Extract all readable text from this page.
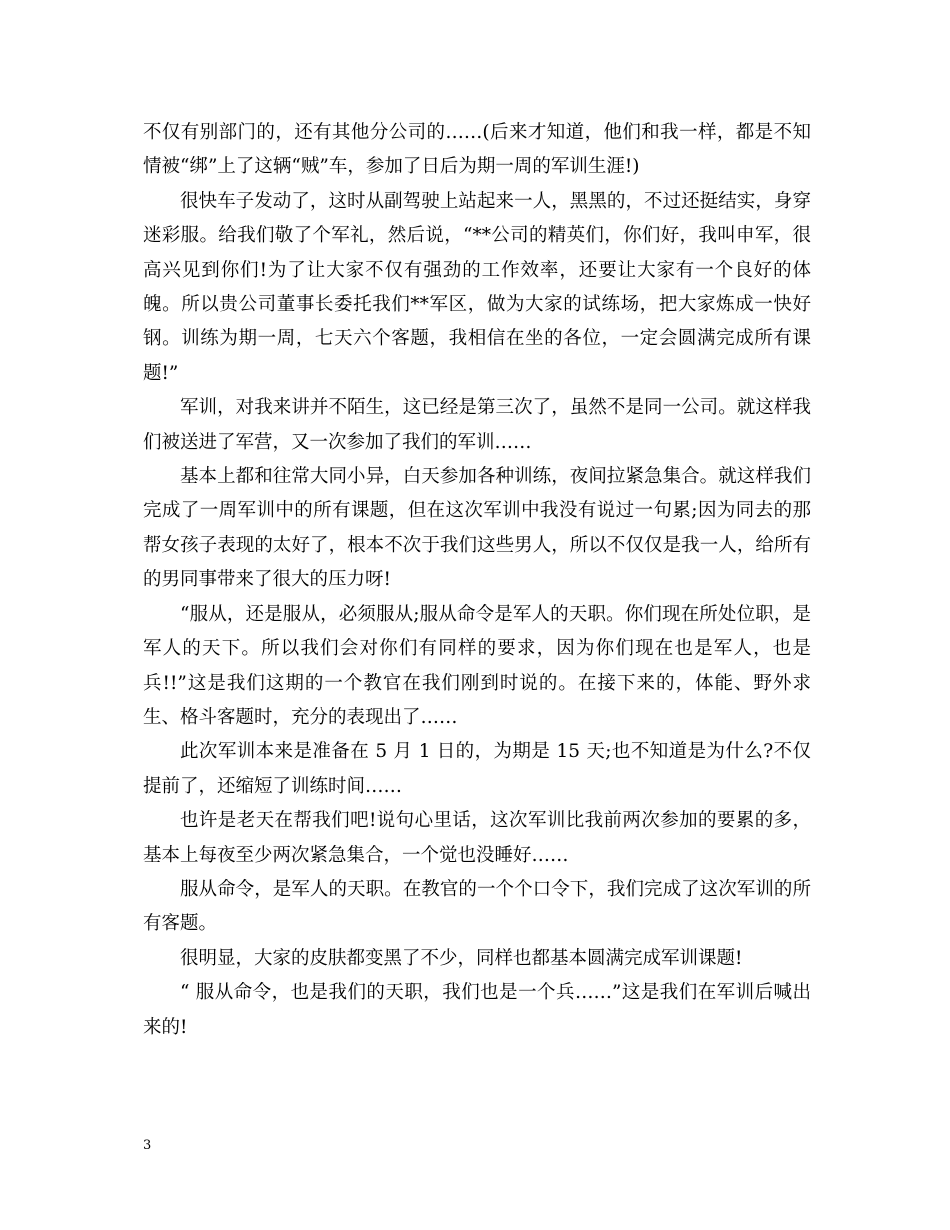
不仅有别部门的，还有其他分公司的……(后来才知道，他们和我一样，都是不知情被“绑”上了这辆“贼”车，参加了日后为期一周的军训生涯!)

很快车子发动了，这时从副驾驶上站起来一人，黑黑的，不过还挺结实，身穿迷彩服。给我们敬了个军礼，然后说，“**公司的精英们，你们好，我叫申军，很高兴见到你们!为了让大家不仅有强劲的工作效率，还要让大家有一个良好的体魄。所以贵公司董事长委托我们**军区，做为大家的试练场，把大家炼成一快好钢。训练为期一周，七天六个客题，我相信在坐的各位，一定会圆满完成所有课题!”

军训，对我来讲并不陌生，这已经是第三次了，虽然不是同一公司。就这样我们被送进了军营，又一次参加了我们的军训……

基本上都和往常大同小异，白天参加各种训练，夜间拉紧急集合。就这样我们完成了一周军训中的所有课题，但在这次军训中我没有说过一句累;因为同去的那帮女孩子表现的太好了，根本不次于我们这些男人，所以不仅仅是我一人，给所有的男同事带来了很大的压力呀!

“服从，还是服从，必须服从;服从命令是军人的天职。你们现在所处位职，是军人的天下。所以我们会对你们有同样的要求，因为你们现在也是军人，也是兵!!”这是我们这期的一个教官在我们刚到时说的。在接下来的，体能、野外求生、格斗客题时，充分的表现出了……

此次军训本来是准备在 5 月 1 日的，为期是 15 天;也不知道是为什么?不仅提前了，还缩短了训练时间……

也许是老天在帮我们吧!说句心里话，这次军训比我前两次参加的要累的多，基本上每夜至少两次紧急集合，一个觉也没睡好……

服从命令，是军人的天职。在教官的一个个口令下，我们完成了这次军训的所有客题。

很明显，大家的皮肤都变黑了不少，同样也都基本圆满完成军训课题!

“ 服从命令，也是我们的天职，我们也是一个兵……”这是我们在军训后喊出来的!

3
